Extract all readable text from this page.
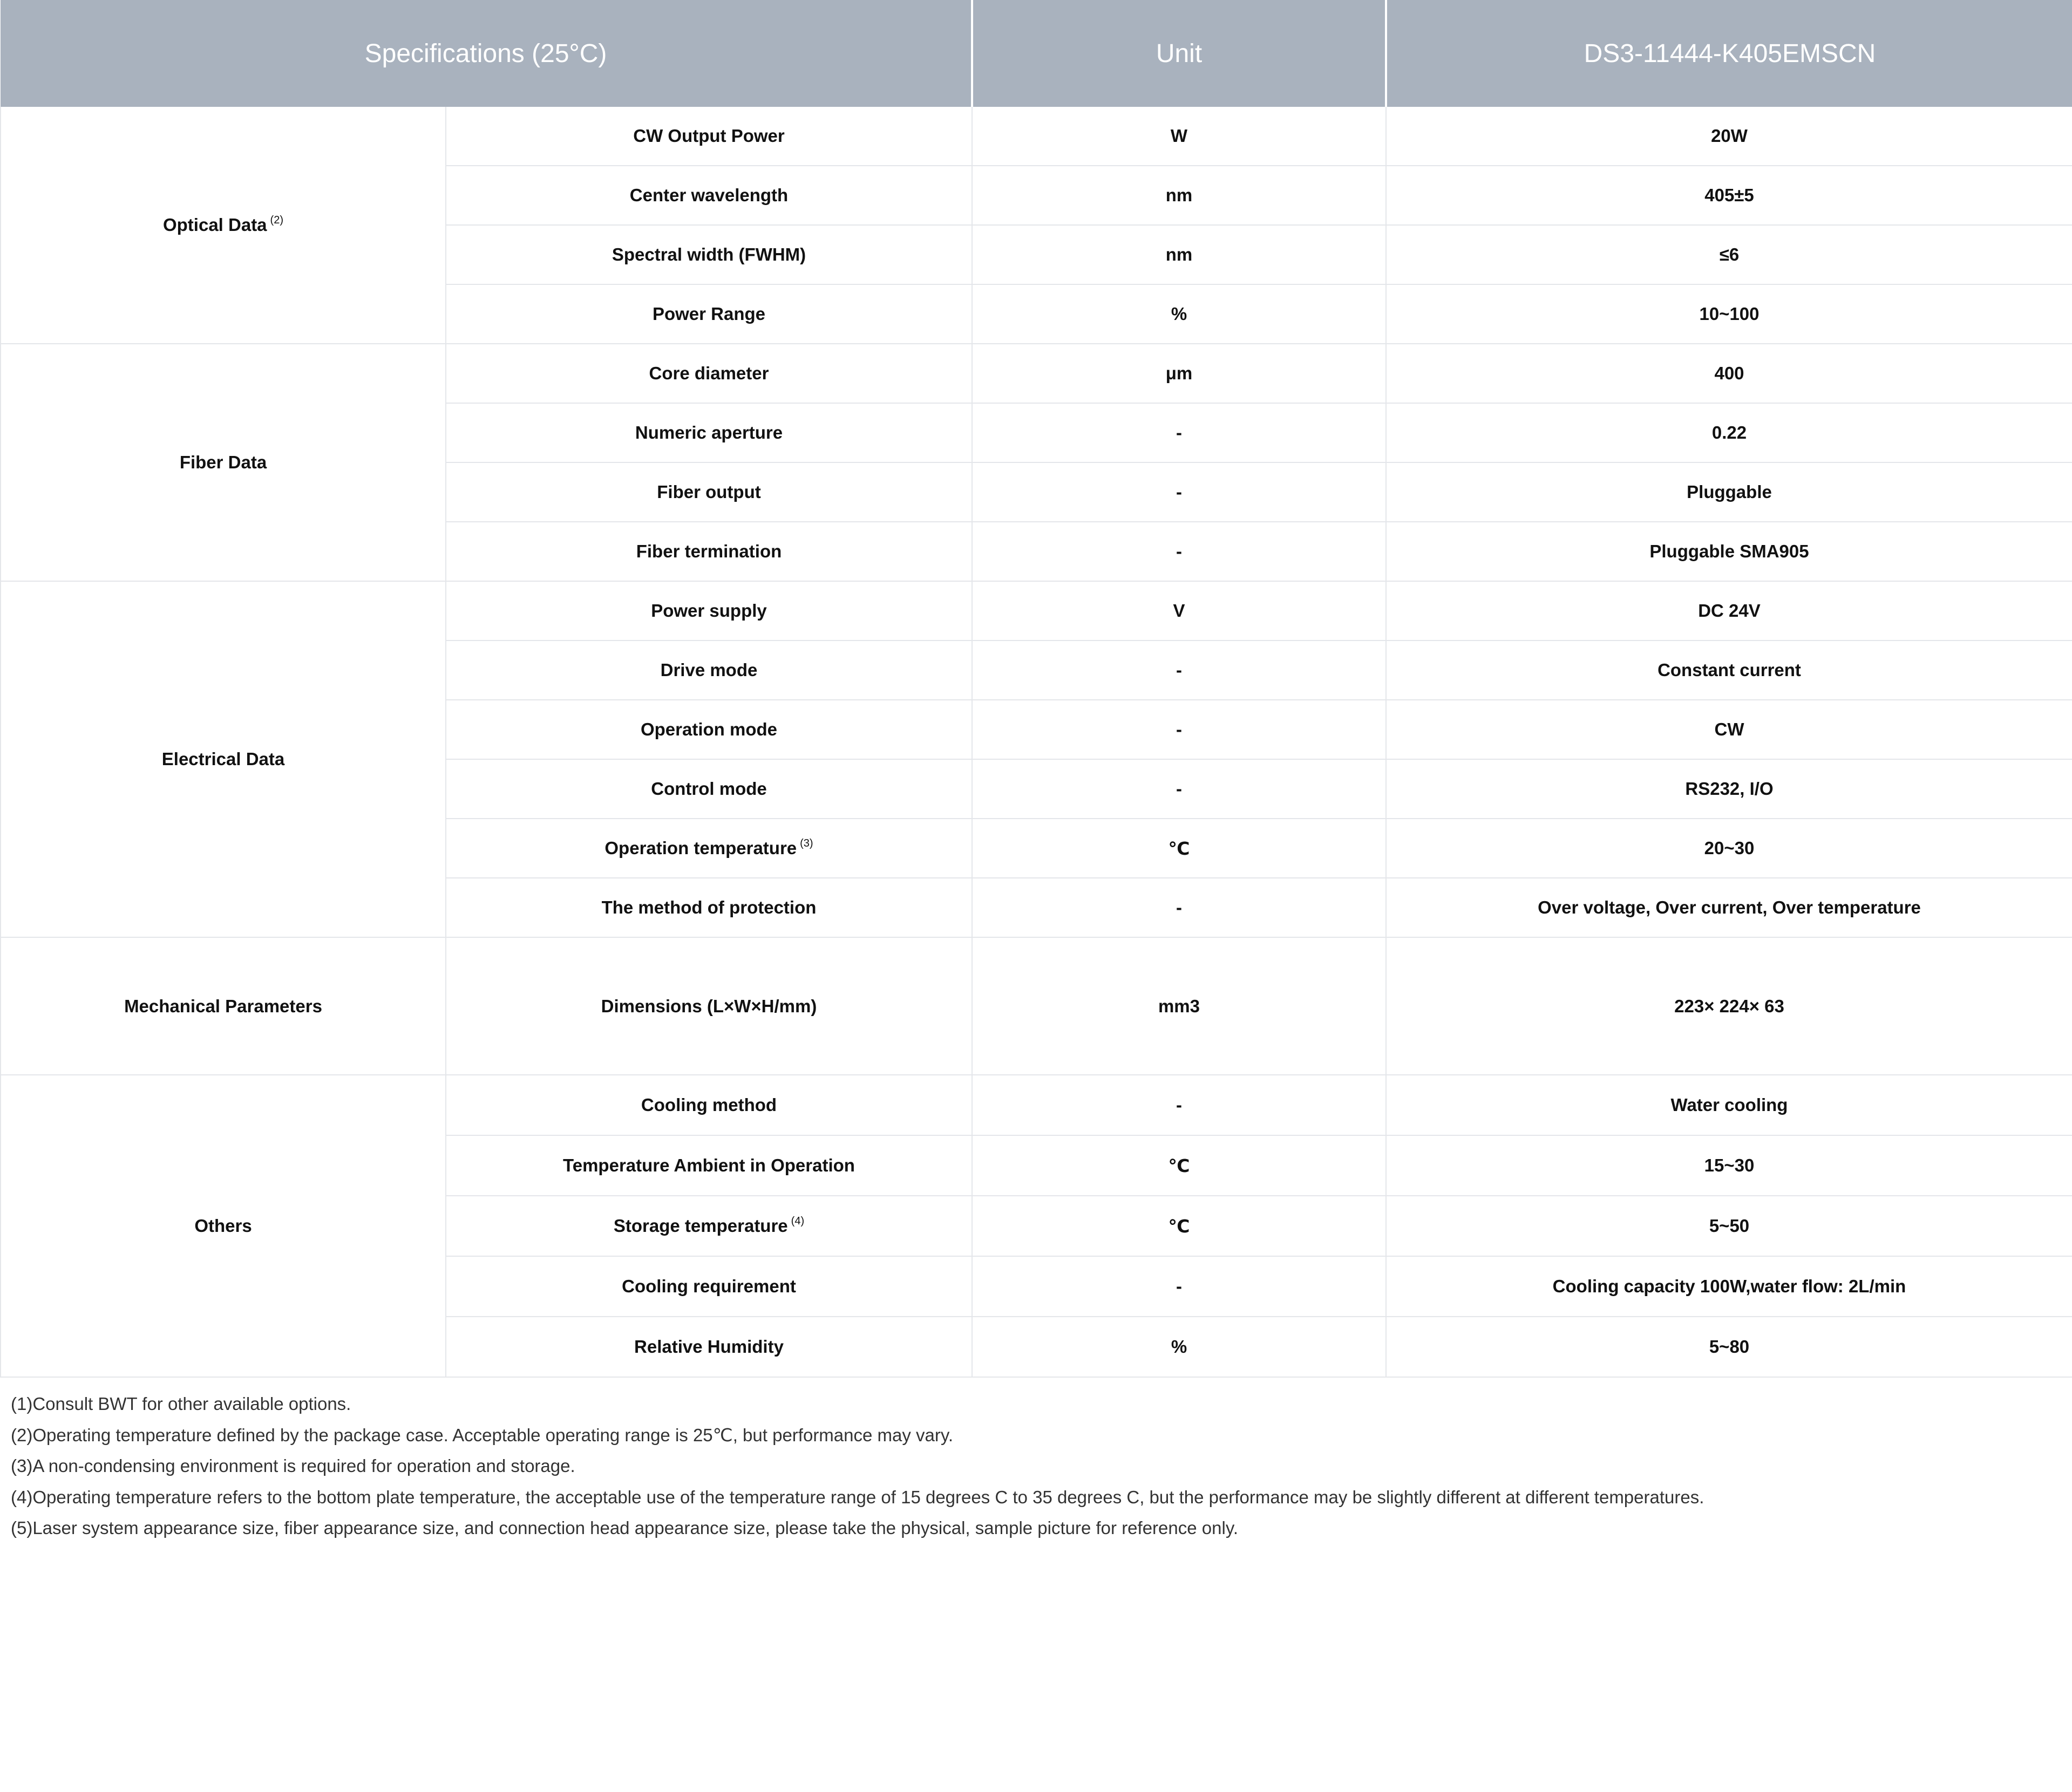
Specifications (25°C)		Unit	DS3-11444-K405EMSCN
Optical Data $^{(2)}$	CW Output Power	W	20W
	Center wavelength	nm	405±5
	Spectral width (FWHM)	nm	≤6
	Power Range	%	10~100
Fiber Data	Core diameter	μm	400
	Numeric aperture	-	0.22
	Fiber output	-	Pluggable
	Fiber termination	-	Pluggable SMA905
Electrical Data	Power supply	V	DC 24V
	Drive mode	-	Constant current
	Operation mode	-	CW
	Control mode	-	RS232, I/O
	Operation temperature $^{(3)}$	℃	20~30
	The method of protection	-	Over voltage, Over current, Over temperature
Mechanical Parameters	Dimensions (L×W×H/mm)	mm3	223× 224× 63
Others	Cooling method	-	Water cooling
	Temperature Ambient in Operation	℃	15~30
	Storage temperature $^{(4)}$	℃	5~50
	Cooling requirement	-	Cooling capacity 100W,water flow: 2L/min
	Relative Humidity	%	5~80
(1)Consult BWT for other available options.
(2)Operating temperature defined by the package case. Acceptable operating range is 25℃, but performance may vary.
(3)A non-condensing environment is required for operation and storage.
(4)Operating temperature refers to the bottom plate temperature, the acceptable use of the temperature range of 15 degrees C to 35 degrees C, but the performance may be slightly different at different temperatures.
(5)Laser system appearance size, fiber appearance size, and connection head appearance size, please take the physical, sample picture for reference only.
